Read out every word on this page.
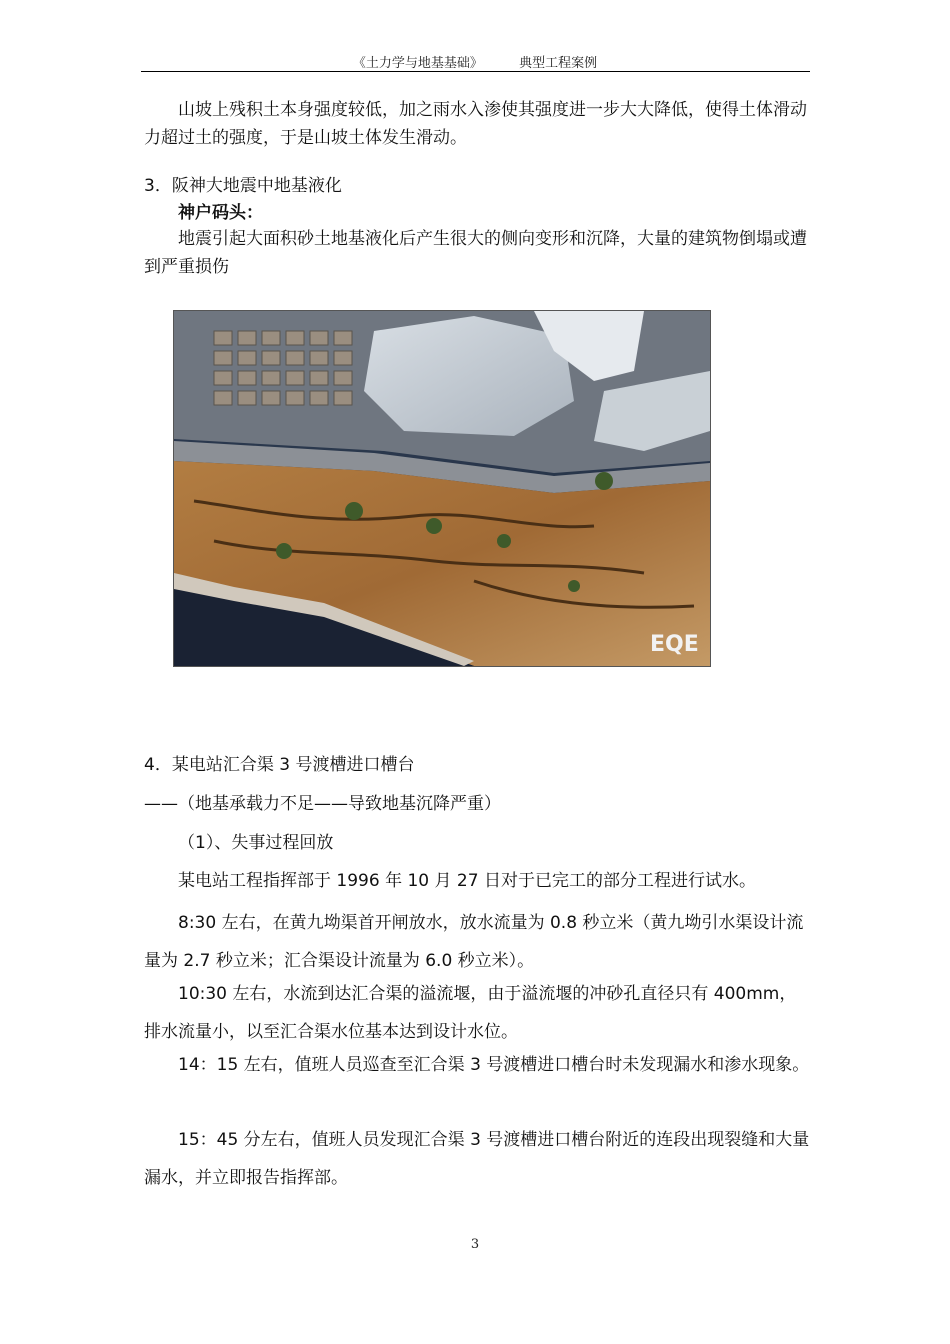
《土力学与地基基础》	典型工程案例

山坡上残积土本身强度较低，加之雨水入渗使其强度进一步大大降低，使得土体滑动力超过土的强度，于是山坡土体发生滑动。

3．阪神大地震中地基液化

神户码头：

地震引起大面积砂土地基液化后产生很大的侧向变形和沉降，大量的建筑物倒塌或遭到严重损伤

EQE

4．某电站汇合渠 3 号渡槽进口槽台

——（地基承载力不足——导致地基沉降严重）

（1）、失事过程回放

某电站工程指挥部于 1996 年 10 月 27 日对于已完工的部分工程进行试水。

8:30 左右，在黄九坳渠首开闸放水，放水流量为 0.8 秒立米（黄九坳引水渠设计流量为 2.7 秒立米；汇合渠设计流量为 6.0 秒立米）。

10:30 左右，水流到达汇合渠的溢流堰，由于溢流堰的冲砂孔直径只有 400mm，排水流量小，以至汇合渠水位基本达到设计水位。

14：15 左右，值班人员巡查至汇合渠 3 号渡槽进口槽台时未发现漏水和渗水现象。

15：45 分左右，值班人员发现汇合渠 3 号渡槽进口槽台附近的连段出现裂缝和大量漏水，并立即报告指挥部。

3
